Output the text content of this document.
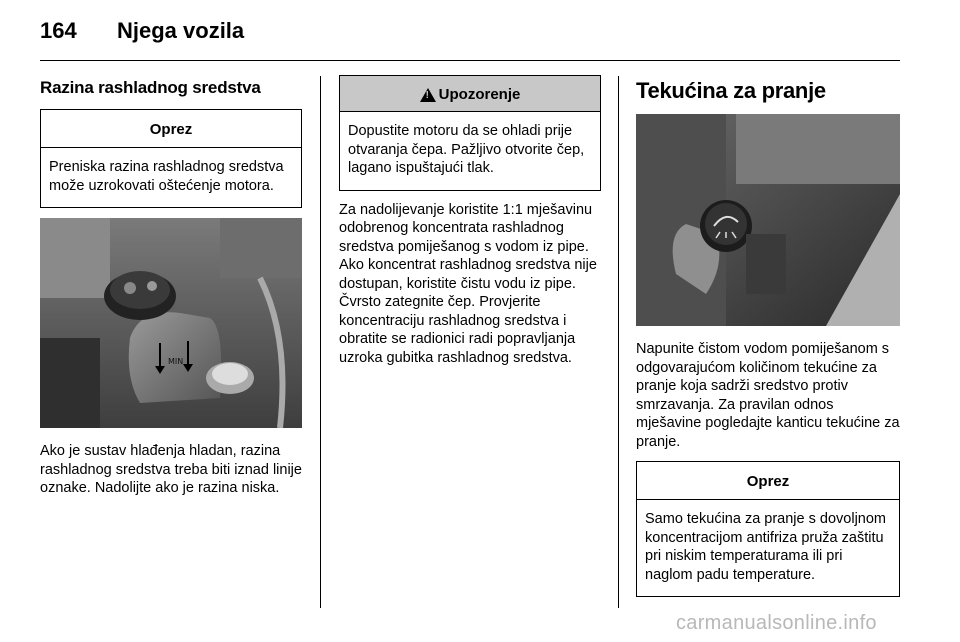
164	Njega vozila
Razina rashladnog sredstva
Oprez
Preniska razina rashladnog sredstva može uzrokovati oštećenje motora.
MIN
Ako je sustav hlađenja hladan, razina rashladnog sredstva treba biti iznad linije oznake. Nadolijte ako je razina niska.
!
Upozorenje
Dopustite motoru da se ohladi prije otvaranja čepa. Pažljivo otvorite čep, lagano ispuštajući tlak.
Za nadolijevanje koristite 1:1 mješavinu odobrenog koncentrata rashladnog sredstva pomiješanog s vodom iz pipe. Ako koncentrat rashladnog sredstva nije dostupan, koristite čistu vodu iz pipe. Čvrsto zategnite čep. Provjerite koncentraciju rashladnog sredstva i obratite se radionici radi popravljanja uzroka gubitka rashladnog sredstva.
Tekućina za pranje
Napunite čistom vodom pomiješanom s odgovarajućom količinom tekućine za pranje koja sadrži sredstvo protiv smrzavanja. Za pravilan odnos mješavine pogledajte kanticu tekućine za pranje.
Oprez
Samo tekućina za pranje s dovoljnom koncentracijom antifriza pruža zaštitu pri niskim temperaturama ili pri naglom padu temperature.
carmanualsonline.info
